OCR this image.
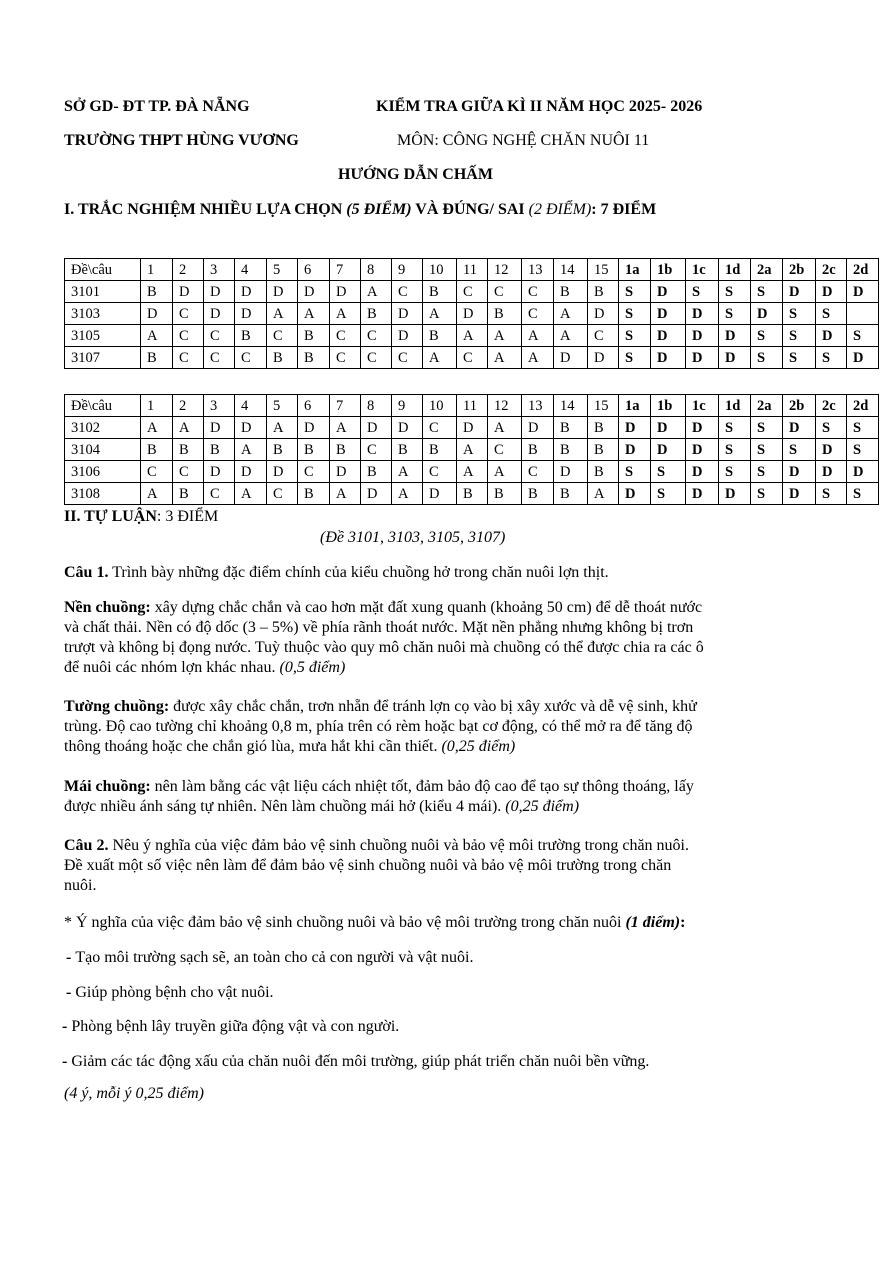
SỞ GD- ĐT TP. ĐÀ NẴNG	KIỂM TRA GIỮA KÌ II NĂM HỌC 2025- 2026
TRƯỜNG THPT HÙNG VƯƠNG	MÔN: CÔNG NGHỆ CHĂN NUÔI 11
HƯỚNG DẪN CHẤM
I. TRẮC NGHIỆM NHIỀU LỰA CHỌN (5 ĐIỂM) VÀ ĐÚNG/ SAI (2 ĐIỂM): 7 ĐIỂM
Đề\câu	1	2	3	4	5	6	7	8	9	10	11	12	13	14	15	1a	1b	1c	1d	2a	2b	2c	2d
3101	B	D	D	D	D	D	D	A	C	B	C	C	C	B	B	S	D	S	S	S	D	D	D
3103	D	C	D	D	A	A	A	B	D	A	D	B	C	A	D	S	D	D	S	D	S	S	
3105	A	C	C	B	C	B	C	C	D	B	A	A	A	A	C	S	D	D	D	S	S	D	S
3107	B	C	C	C	B	B	C	C	C	A	C	A	A	D	D	S	D	D	D	S	S	S	D
Đề\câu	1	2	3	4	5	6	7	8	9	10	11	12	13	14	15	1a	1b	1c	1d	2a	2b	2c	2d
3102	A	A	D	D	A	D	A	D	D	C	D	A	D	B	B	D	D	D	S	S	D	S	S
3104	B	B	B	A	B	B	B	C	B	B	A	C	B	B	B	D	D	D	S	S	S	D	S
3106	C	C	D	D	D	C	D	B	A	C	A	A	C	D	B	S	S	D	S	S	D	D	D
3108	A	B	C	A	C	B	A	D	A	D	B	B	B	B	A	D	S	D	D	S	D	S	S
II. TỰ LUẬN: 3 ĐIỂM
(Đề 3101, 3103, 3105, 3107)
Câu 1. Trình bày những đặc điểm chính của kiểu chuồng hở trong chăn nuôi lợn thịt.
Nền chuồng: xây dựng chắc chắn và cao hơn mặt đất xung quanh (khoảng 50 cm) để dễ thoát nước
và chất thải. Nền có độ dốc (3 – 5%) về phía rãnh thoát nước. Mặt nền phẳng nhưng không bị trơn
trượt và không bị đọng nước. Tuỳ thuộc vào quy mô chăn nuôi mà chuồng có thể được chia ra các ô
để nuôi các nhóm lợn khác nhau. (0,5 điểm)
Tường chuồng: được xây chắc chắn, trơn nhẵn để tránh lợn cọ vào bị xây xước và dễ vệ sinh, khử
trùng. Độ cao tường chỉ khoảng 0,8 m, phía trên có rèm hoặc bạt cơ động, có thể mở ra để tăng độ
thông thoáng hoặc che chắn gió lùa, mưa hắt khi cần thiết. (0,25 điểm)
Mái chuồng: nên làm bằng các vật liệu cách nhiệt tốt, đảm bảo độ cao để tạo sự thông thoáng, lấy
được nhiều ánh sáng tự nhiên. Nên làm chuồng mái hở (kiểu 4 mái). (0,25 điểm)
Câu 2. Nêu ý nghĩa của việc đảm bảo vệ sinh chuồng nuôi và bảo vệ môi trường trong chăn nuôi.
Đề xuất một số việc nên làm để đảm bảo vệ sinh chuồng nuôi và bảo vệ môi trường trong chăn
nuôi.
* Ý nghĩa của việc đảm bảo vệ sinh chuồng nuôi và bảo vệ môi trường trong chăn nuôi (1 điểm):
- Tạo môi trường sạch sẽ, an toàn cho cả con người và vật nuôi.
- Giúp phòng bệnh cho vật nuôi.
- Phòng bệnh lây truyền giữa động vật và con người.
- Giảm các tác động xấu của chăn nuôi đến môi trường, giúp phát triển chăn nuôi bền vững.
(4 ý, mỗi ý 0,25 điểm)
